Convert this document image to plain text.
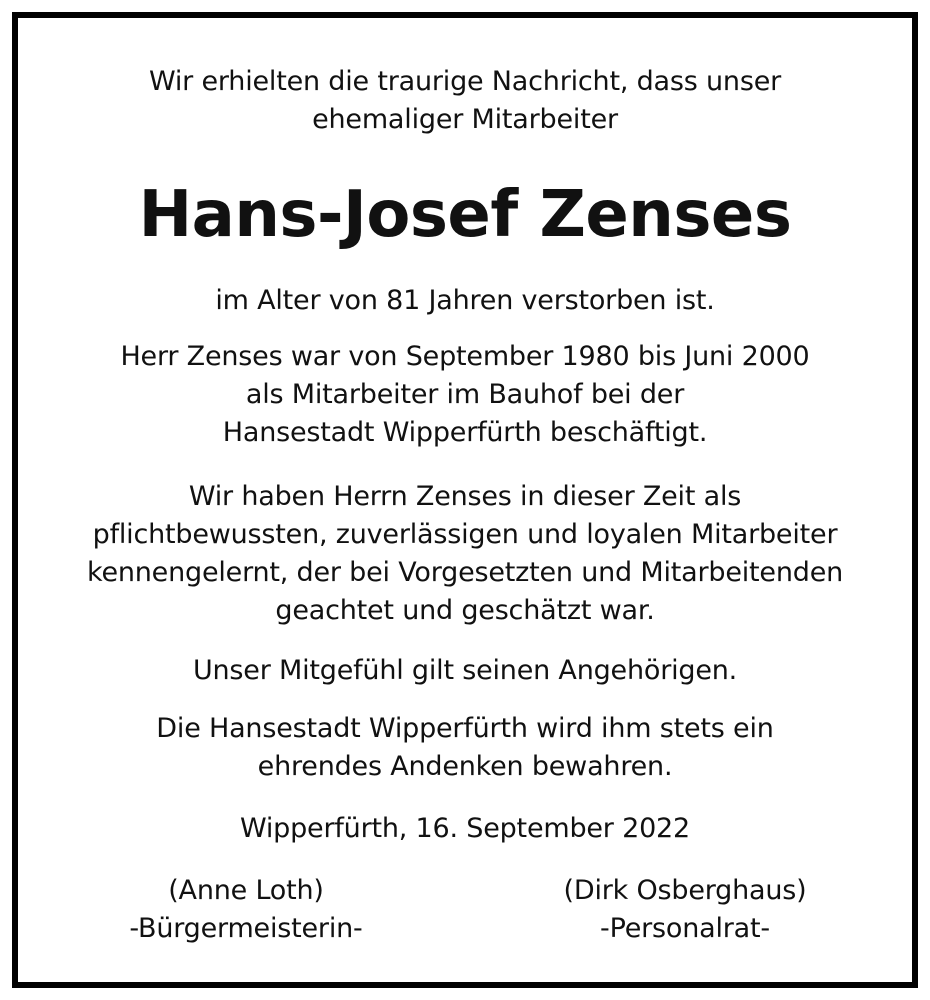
Wir erhielten die traurige Nachricht, dass unser
ehemaliger Mitarbeiter
Hans-Josef Zenses
im Alter von 81 Jahren verstorben ist.
Herr Zenses war von September 1980 bis Juni 2000
als Mitarbeiter im Bauhof bei der
Hansestadt Wipperfürth beschäftigt.
Wir haben Herrn Zenses in dieser Zeit als
pflichtbewussten, zuverlässigen und loyalen Mitarbeiter
kennengelernt, der bei Vorgesetzten und Mitarbeitenden
geachtet und geschätzt war.
Unser Mitgefühl gilt seinen Angehörigen.
Die Hansestadt Wipperfürth wird ihm stets ein
ehrendes Andenken bewahren.
Wipperfürth, 16. September 2022
(Anne Loth)
-Bürgermeisterin-
(Dirk Osberghaus)
-Personalrat-
